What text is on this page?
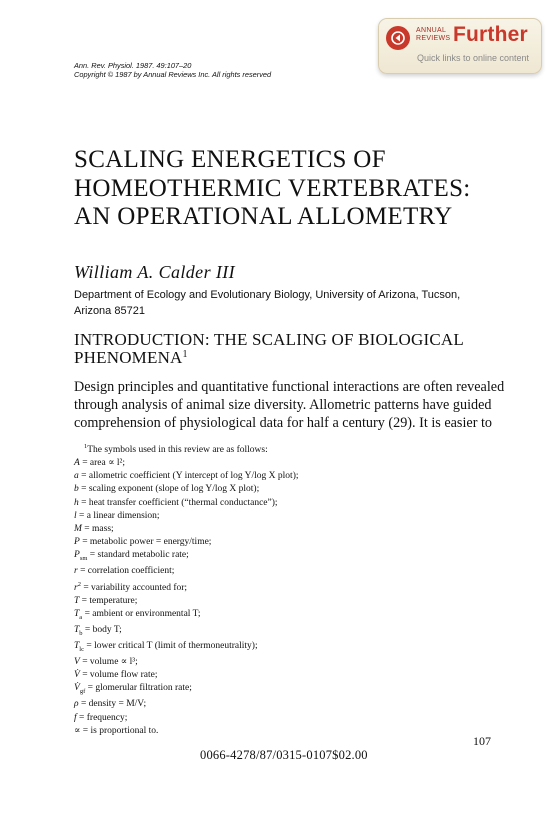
ANNUAL
REVIEWS Further
Quick links to online content
Ann. Rev. Physiol. 1987. 49:107–20
Copyright © 1987 by Annual Reviews Inc. All rights reserved
SCALING ENERGETICS OF
HOMEOTHERMIC VERTEBRATES:
AN OPERATIONAL ALLOMETRY
William A. Calder III
Department of Ecology and Evolutionary Biology, University of Arizona, Tucson,
Arizona 85721
INTRODUCTION: THE SCALING OF BIOLOGICAL
PHENOMENA$^1$
Design principles and quantitative functional interactions are often revealed
through analysis of animal size diversity. Allometric patterns have guided
comprehension of physiological data for half a century (29). It is easier to
$^1$The symbols used in this review are as follows:
A = area ∝ l²;
a = allometric coefficient (Y intercept of log Y/log X plot);
b = scaling exponent (slope of log Y/log X plot);
h = heat transfer coefficient (“thermal conductance”);
l = a linear dimension;
M = mass;
P = metabolic power = energy/time;
$P_{sm}$ = standard metabolic rate;
r = correlation coefficient;
$r^2$ = variability accounted for;
T = temperature;
$T_a$ = ambient or environmental T;
$T_b$ = body T;
$T_{lc}$ = lower critical T (limit of thermoneutrality);
V = volume ∝ l³;
V̇ = volume flow rate;
$V̇_{gf}$ = glomerular filtration rate;
ρ = density = M/V;
f = frequency;
∝ = is proportional to.
107
0066-4278/87/0315-0107$02.00
